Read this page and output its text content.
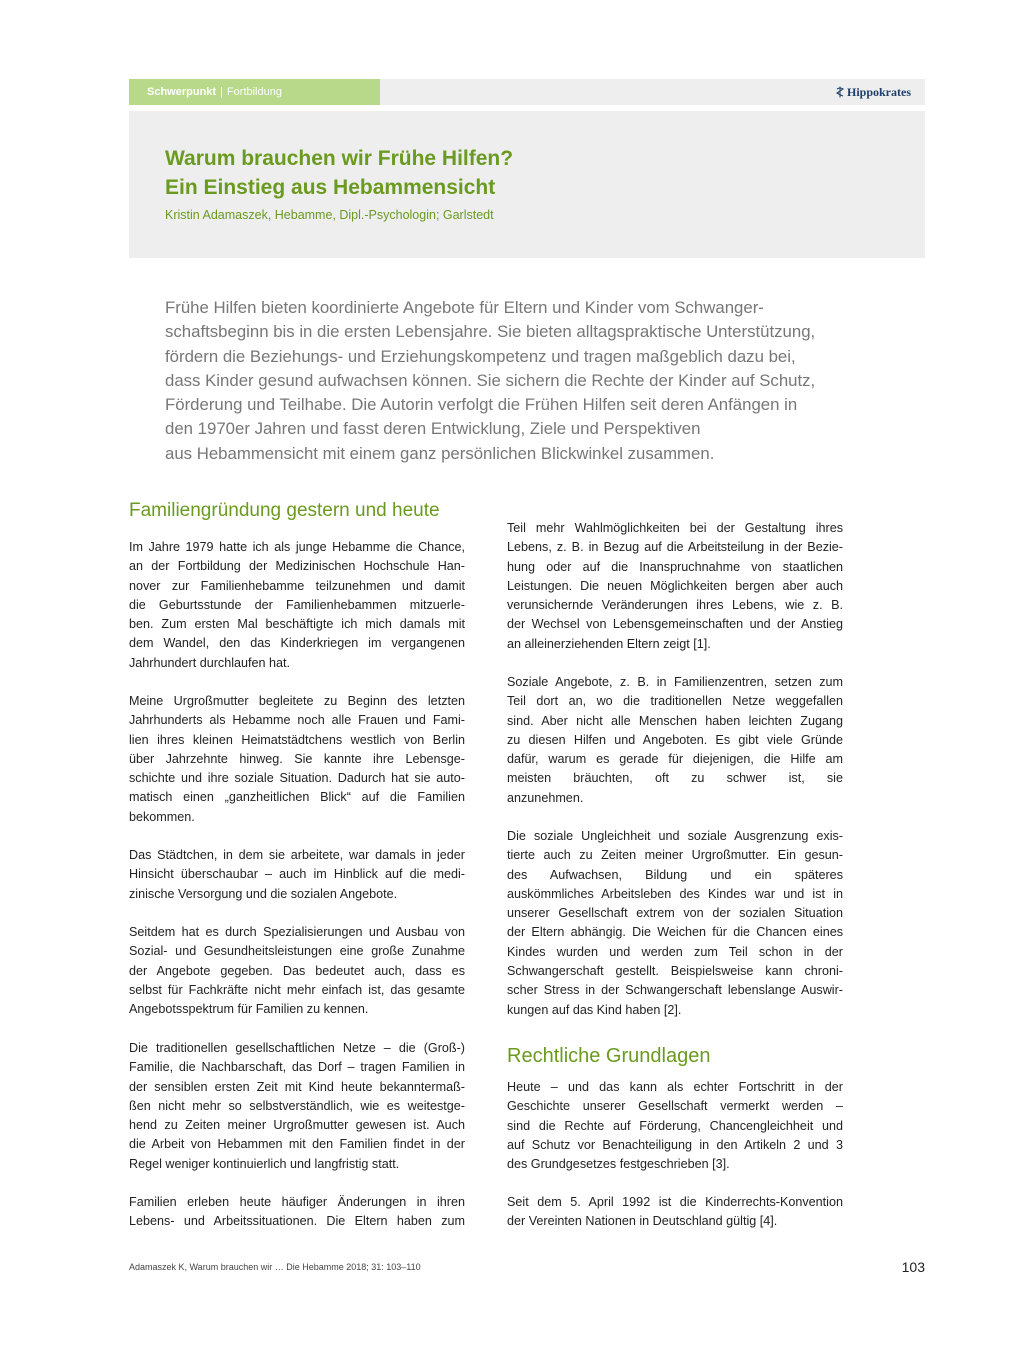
Schwerpunkt | Fortbildung	Hippokrates
Warum brauchen wir Frühe Hilfen?
Ein Einstieg aus Hebammensicht
Kristin Adamaszek, Hebamme, Dipl.-Psychologin; Garlstedt

Frühe Hilfen bieten koordinierte Angebote für Eltern und Kinder vom Schwanger-
schaftsbeginn bis in die ersten Lebensjahre. Sie bieten alltagspraktische Unterstützung,
fördern die Beziehungs- und Erziehungskompetenz und tragen maßgeblich dazu bei,
dass Kinder gesund aufwachsen können. Sie sichern die Rechte der Kinder auf Schutz,
Förderung und Teilhabe. Die Autorin verfolgt die Frühen Hilfen seit deren Anfängen in
den 1970er Jahren und fasst deren Entwicklung, Ziele und Perspektiven
aus Hebammensicht mit einem ganz persönlichen Blickwinkel zusammen.

Familiengründung gestern und heute

Im Jahre 1979 hatte ich als junge Hebamme die Chance,
an der Fortbildung der Medizinischen Hochschule Han-
nover zur Familienhebamme teilzunehmen und damit
die Geburtsstunde der Familienhebammen mitzuerle-
ben. Zum ersten Mal beschäftigte ich mich damals mit
dem Wandel, den das Kinderkriegen im vergangenen
Jahrhundert durchlaufen hat.

Meine Urgroßmutter begleitete zu Beginn des letzten
Jahrhunderts als Hebamme noch alle Frauen und Fami-
lien ihres kleinen Heimatstädtchens westlich von Berlin
über Jahrzehnte hinweg. Sie kannte ihre Lebensge-
schichte und ihre soziale Situation. Dadurch hat sie auto-
matisch einen „ganzheitlichen Blick“ auf die Familien
bekommen.

Das Städtchen, in dem sie arbeitete, war damals in jeder
Hinsicht überschaubar – auch im Hinblick auf die medi-
zinische Versorgung und die sozialen Angebote.

Seitdem hat es durch Spezialisierungen und Ausbau von
Sozial- und Gesundheitsleistungen eine große Zunahme
der Angebote gegeben. Das bedeutet auch, dass es
selbst für Fachkräfte nicht mehr einfach ist, das gesamte
Angebotsspektrum für Familien zu kennen.

Die traditionellen gesellschaftlichen Netze – die (Groß-)
Familie, die Nachbarschaft, das Dorf – tragen Familien in
der sensiblen ersten Zeit mit Kind heute bekanntermaß-
ßen nicht mehr so selbstverständlich, wie es weitestge-
hend zu Zeiten meiner Urgroßmutter gewesen ist. Auch
die Arbeit von Hebammen mit den Familien findet in der
Regel weniger kontinuierlich und langfristig statt.

Familien erleben heute häufiger Änderungen in ihren
Lebens- und Arbeitssituationen. Die Eltern haben zum

Teil mehr Wahlmöglichkeiten bei der Gestaltung ihres
Lebens, z. B. in Bezug auf die Arbeitsteilung in der Bezie-
hung oder auf die Inanspruchnahme von staatlichen
Leistungen. Die neuen Möglichkeiten bergen aber auch
verunsichernde Veränderungen ihres Lebens, wie z. B.
der Wechsel von Lebensgemeinschaften und der Anstieg
an alleinerziehenden Eltern zeigt [1].

Soziale Angebote, z. B. in Familienzentren, setzen zum
Teil dort an, wo die traditionellen Netze weggefallen
sind. Aber nicht alle Menschen haben leichten Zugang
zu diesen Hilfen und Angeboten. Es gibt viele Gründe
dafür, warum es gerade für diejenigen, die Hilfe am
meisten bräuchten, oft zu schwer ist, sie
anzunehmen.

Die soziale Ungleichheit und soziale Ausgrenzung exis-
tierte auch zu Zeiten meiner Urgroßmutter. Ein gesun-
des Aufwachsen, Bildung und ein späteres
auskömmliches Arbeitsleben des Kindes war und ist in
unserer Gesellschaft extrem von der sozialen Situation
der Eltern abhängig. Die Weichen für die Chancen eines
Kindes wurden und werden zum Teil schon in der
Schwangerschaft gestellt. Beispielsweise kann chroni-
scher Stress in der Schwangerschaft lebenslange Auswir-
kungen auf das Kind haben [2].

Rechtliche Grundlagen

Heute – und das kann als echter Fortschritt in der
Geschichte unserer Gesellschaft vermerkt werden –
sind die Rechte auf Förderung, Chancengleichheit und
auf Schutz vor Benachteiligung in den Artikeln 2 und 3
des Grundgesetzes festgeschrieben [3].

Seit dem 5. April 1992 ist die Kinderrechts-Konvention
der Vereinten Nationen in Deutschland gültig [4].

Adamaszek K, Warum brauchen wir … Die Hebamme 2018; 31: 103–110	103
